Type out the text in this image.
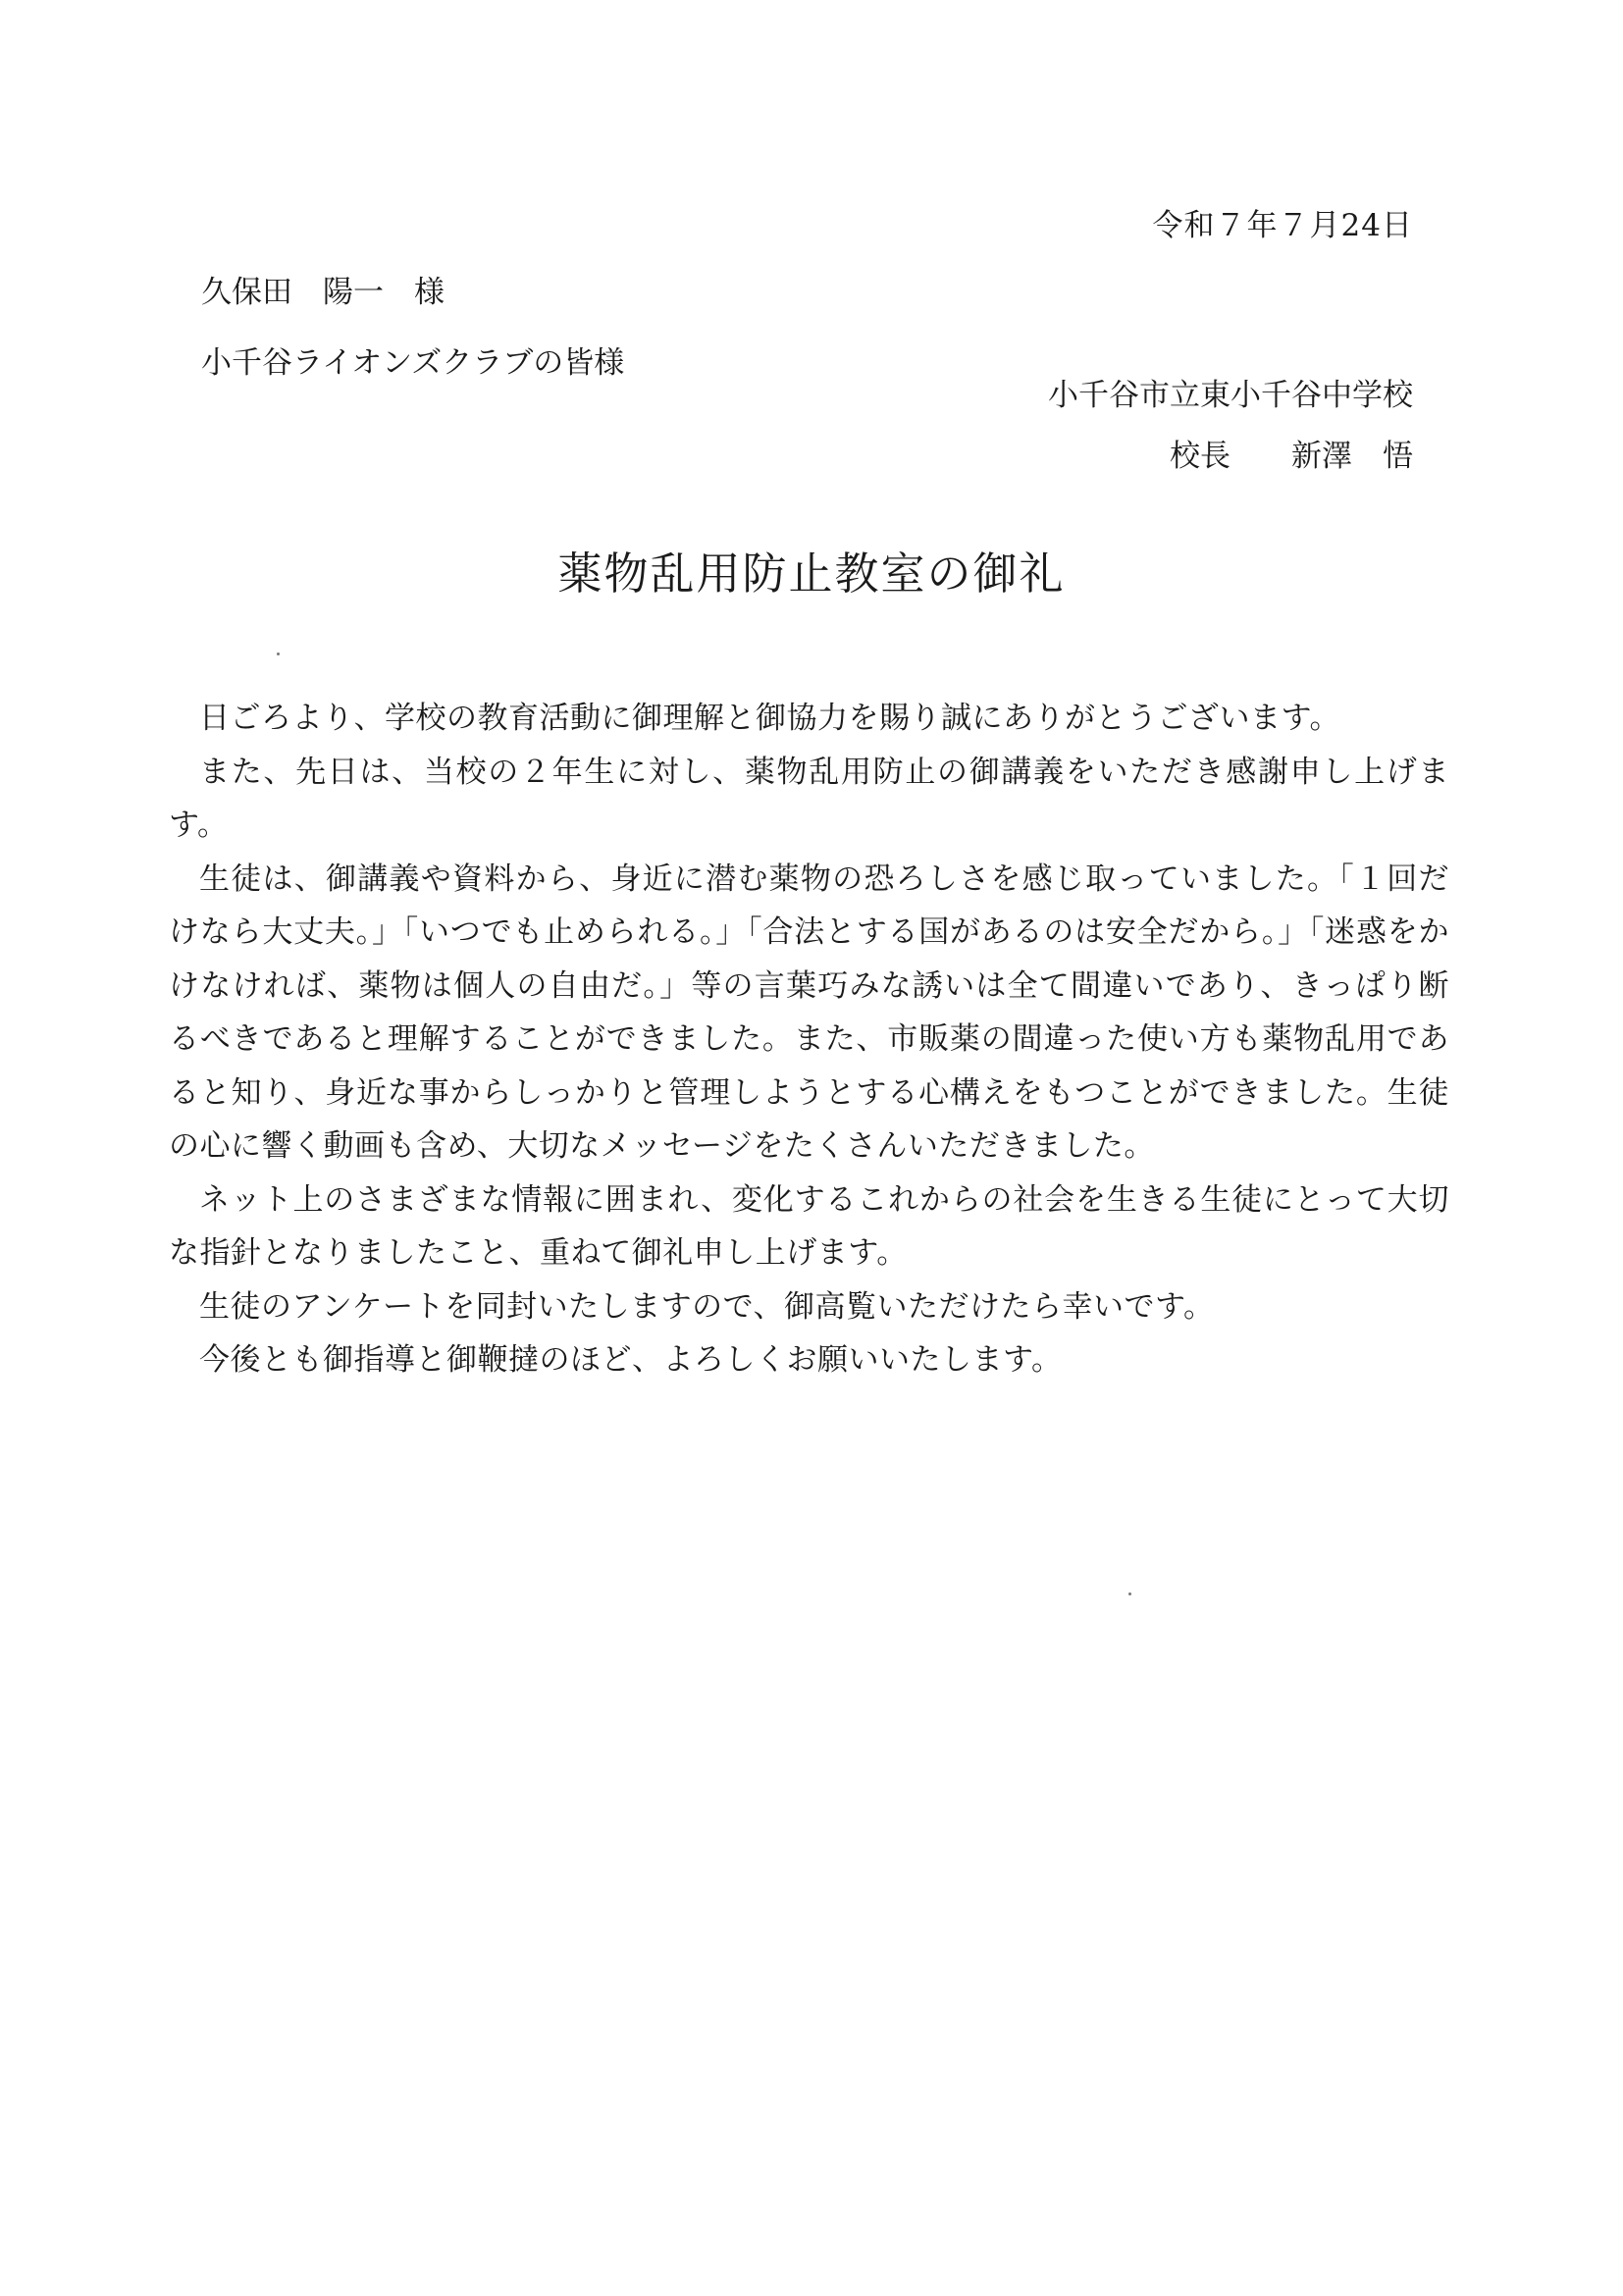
令和７年７月24日
久保田　陽一　様
小千谷ライオンズクラブの皆様
小千谷市立東小千谷中学校
校長　　新澤　悟
薬物乱用防止教室の御礼

日ごろより、学校の教育活動に御理解と御協力を賜り誠にありがとうございます。

また、先日は、当校の２年生に対し、薬物乱用防止の御講義をいただき感謝申し上げます。

生徒は、御講義や資料から、身近に潜む薬物の恐ろしさを感じ取っていました。「１回だけなら大丈夫。」「いつでも止められる。」「合法とする国があるのは安全だから。」「迷惑をかけなければ、薬物は個人の自由だ。」等の言葉巧みな誘いは全て間違いであり、きっぱり断るべきであると理解することができました。また、市販薬の間違った使い方も薬物乱用であると知り、身近な事からしっかりと管理しようとする心構えをもつことができました。生徒の心に響く動画も含め、大切なメッセージをたくさんいただきました。

ネット上のさまざまな情報に囲まれ、変化するこれからの社会を生きる生徒にとって大切な指針となりましたこと、重ねて御礼申し上げます。

生徒のアンケートを同封いたしますので、御高覧いただけたら幸いです。

今後とも御指導と御鞭撻のほど、よろしくお願いいたします。
